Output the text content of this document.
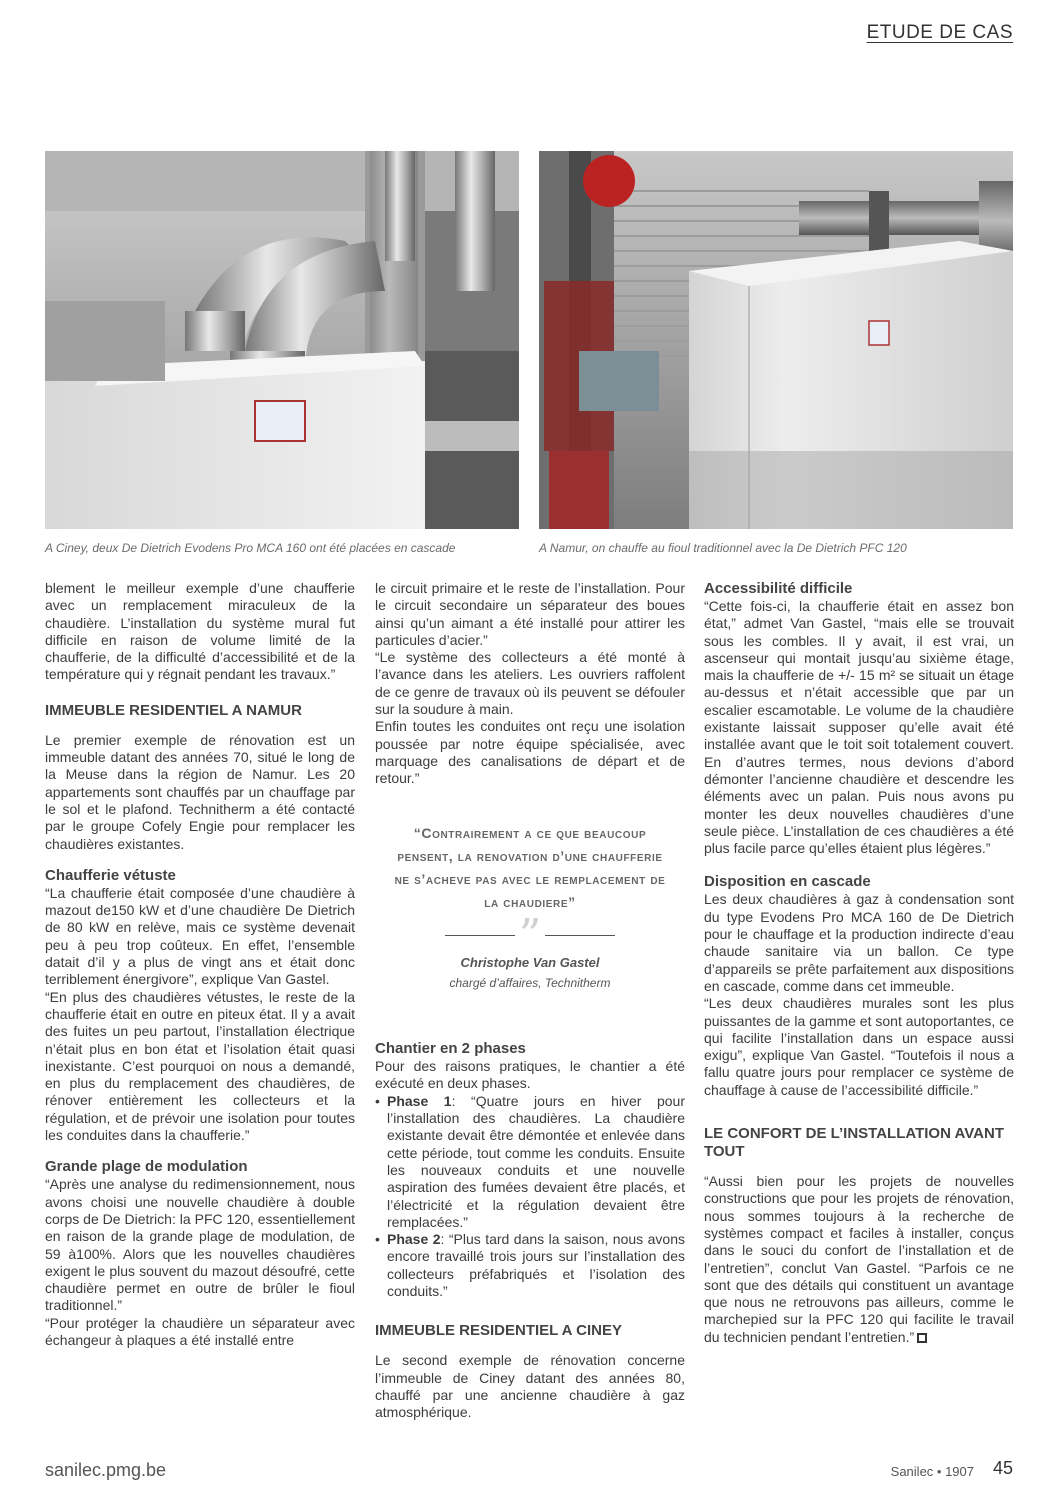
ETUDE DE CAS
A Ciney, deux De Dietrich Evodens Pro MCA 160 ont été placées en cascade	A Namur, on chauffe au fioul traditionnel avec la De Dietrich PFC 120

blement le meilleur exemple d’une chaufferie avec un remplacement miraculeux de la chaudière. L’installation du système mural fut difficile en raison de volume limité de la chaufferie, de la difficulté d’accessibilité et de la température qui y régnait pendant les travaux.”

IMMEUBLE RESIDENTIEL A NAMUR

Le premier exemple de rénovation est un immeuble datant des années 70, situé le long de la Meuse dans la région de Namur. Les 20 appartements sont chauffés par un chauffage par le sol et le plafond. Technitherm a été contacté par le groupe Cofely Engie pour remplacer les chaudières existantes.

Chaufferie vétuste

“La chaufferie était composée d’une chaudière à mazout de150 kW et d’une chaudière De Dietrich de 80 kW en relève, mais ce système devenait peu à peu trop coûteux. En effet, l’ensemble datait d’il y a plus de vingt ans et était donc terriblement énergivore”, explique Van Gastel.

“En plus des chaudières vétustes, le reste de la chaufferie était en outre en piteux état. Il y a avait des fuites un peu partout, l’installation électrique n’était plus en bon état et l’isolation était quasi inexistante. C’est pourquoi on nous a demandé, en plus du remplacement des chaudières, de rénover entièrement les collecteurs et la régulation, et de prévoir une isolation pour toutes les conduites dans la chaufferie.”

Grande plage de modulation

“Après une analyse du redimensionnement, nous avons choisi une nouvelle chaudière à double corps de De Dietrich: la PFC 120, essentiellement en raison de la grande plage de modulation, de 59 à100%. Alors que les nouvelles chaudières exigent le plus souvent du mazout désoufré, cette chaudière permet en outre de brûler le fioul traditionnel.”

“Pour protéger la chaudière un séparateur avec échangeur à plaques a été installé entre

le circuit primaire et le reste de l’installation. Pour le circuit secondaire un séparateur des boues ainsi qu’un aimant a été installé pour attirer les particules d’acier.”

“Le système des collecteurs a été monté à l’avance dans les ateliers. Les ouvriers raffolent de ce genre de travaux où ils peuvent se défouler sur la soudure à main.

Enfin toutes les conduites ont reçu une isolation poussée par notre équipe spécialisée, avec marquage des canalisations de départ et de retour.”

“Contrairement a ce que beaucoup pensent, la renovation d’une chaufferie ne s’acheve pas avec le remplacement de la chaudiere”
”
Christophe Van Gastel
chargé d’affaires, Technitherm
Chantier en 2 phases

Pour des raisons pratiques, le chantier a été exécuté en deux phases.

• Phase 1: “Quatre jours en hiver pour l’installation des chaudières. La chaudière existante devait être démontée et enlevée dans cette période, tout comme les conduits. Ensuite les nouveaux conduits et une nouvelle aspiration des fumées devaient être placés, et l’électricité et la régulation devaient être remplacées.”
• Phase 2: “Plus tard dans la saison, nous avons encore travaillé trois jours sur l’installation des collecteurs préfabriqués et l’isolation des conduits.”
IMMEUBLE RESIDENTIEL A CINEY

Le second exemple de rénovation concerne l’immeuble de Ciney datant des années 80, chauffé par une ancienne chaudière à gaz atmosphérique.

Accessibilité difficile

“Cette fois-ci, la chaufferie était en assez bon état,” admet Van Gastel, “mais elle se trouvait sous les combles. Il y avait, il est vrai, un ascenseur qui montait jusqu’au sixième étage, mais la chaufferie de +/- 15 m² se situait un étage au-dessus et n’était accessible que par un escalier escamotable. Le volume de la chaudière existante laissait supposer qu’elle avait été installée avant que le toit soit totalement couvert. En d’autres termes, nous devions d’abord démonter l’ancienne chaudière et descendre les éléments avec un palan. Puis nous avons pu monter les deux nouvelles chaudières d’une seule pièce. L’installation de ces chaudières a été plus facile parce qu’elles étaient plus légères.”

Disposition en cascade

Les deux chaudières à gaz à condensation sont du type Evodens Pro MCA 160 de De Dietrich pour le chauffage et la production indirecte d’eau chaude sanitaire via un ballon. Ce type d’appareils se prête parfaitement aux dispositions en cascade, comme dans cet immeuble.

“Les deux chaudières murales sont les plus puissantes de la gamme et sont autoportantes, ce qui facilite l’installation dans un espace aussi exigu”, explique Van Gastel. “Toutefois il nous a fallu quatre jours pour remplacer ce système de chauffage à cause de l’accessibilité difficile.”

LE CONFORT DE L’INSTALLATION AVANT TOUT

“Aussi bien pour les projets de nouvelles constructions que pour les projets de rénovation, nous sommes toujours à la recherche de systèmes compact et faciles à installer, conçus dans le souci du confort de l’installation et de l’entretien”, conclut Van Gastel. “Parfois ce ne sont que des détails qui constituent un avantage que nous ne retrouvons pas ailleurs, comme le marchepied sur la PFC 120 qui facilite le travail du technicien pendant l’entretien.”

sanilec.pmg.be	Sanilec • 1907 45
